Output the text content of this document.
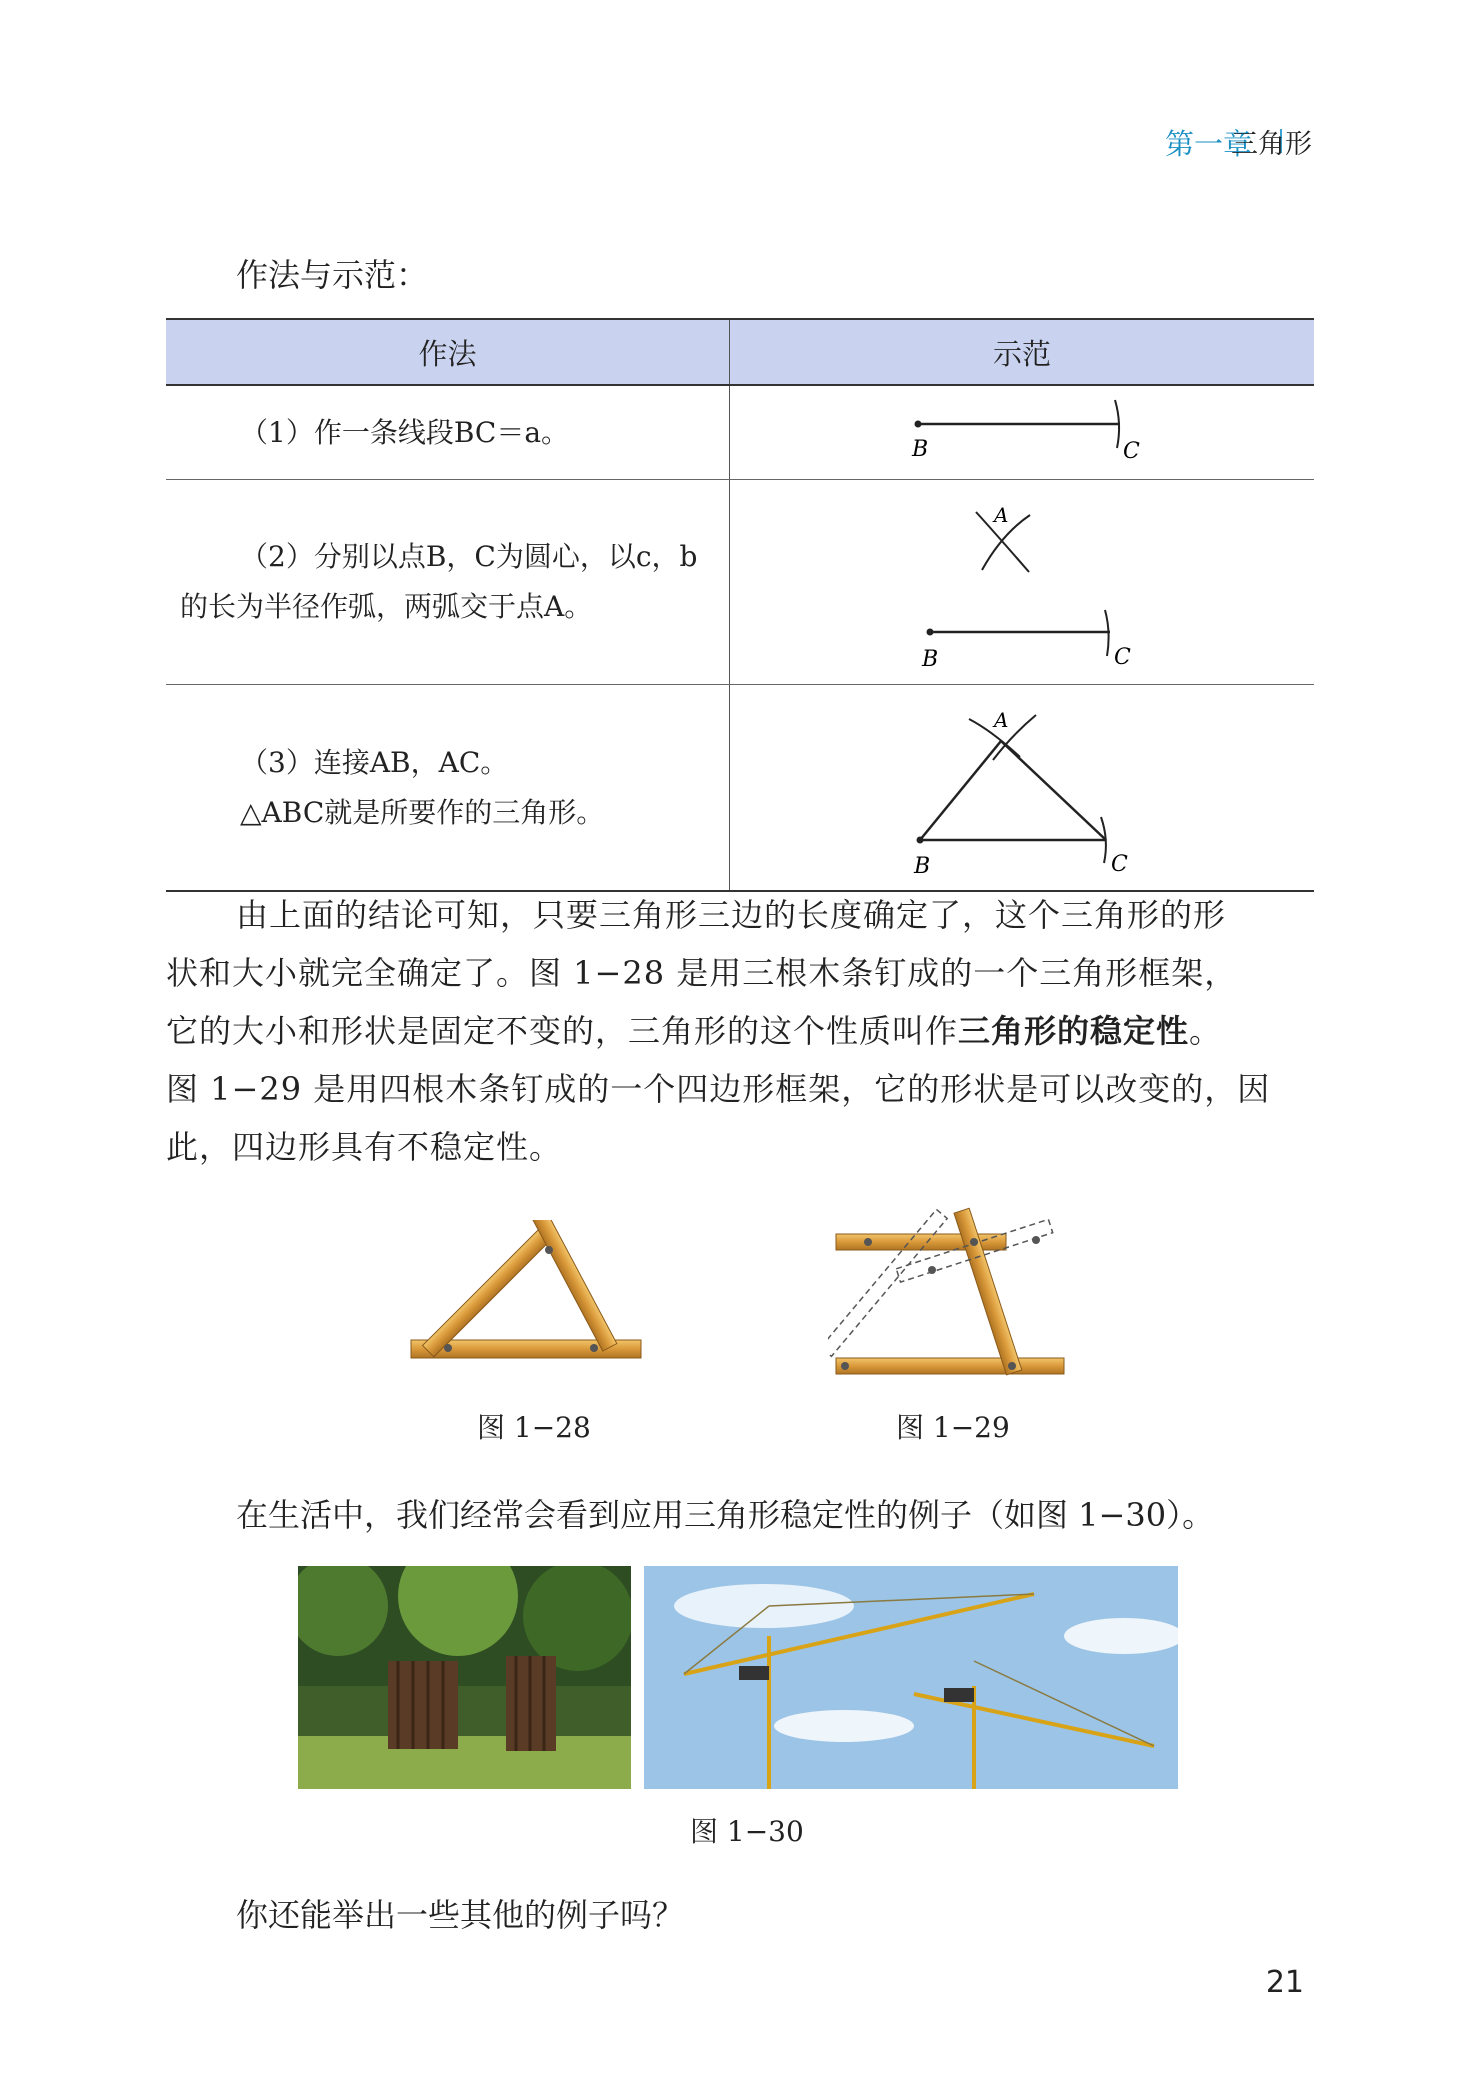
第一章
三角形
作法与示范：
作法	示范

（1）作一条线段BC＝a。	B C

（2）分别以点B，C为圆心，以c，b
的长为半径作弧，两弧交于点A。	A
B C

（3）连接AB，AC。
△ABC就是所要作的三角形。	A
B C
由上面的结论可知，只要三角形三边的长度确定了，这个三角形的形
状和大小就完全确定了。图 1−28 是用三根木条钉成的一个三角形框架，
它的大小和形状是固定不变的，三角形的这个性质叫作三角形的稳定性。
图 1−29 是用四根木条钉成的一个四边形框架，它的形状是可以改变的，因
此，四边形具有不稳定性。
图 1−28	图 1−29
在生活中，我们经常会看到应用三角形稳定性的例子（如图 1−30）。
图 1−30
你还能举出一些其他的例子吗？
21
